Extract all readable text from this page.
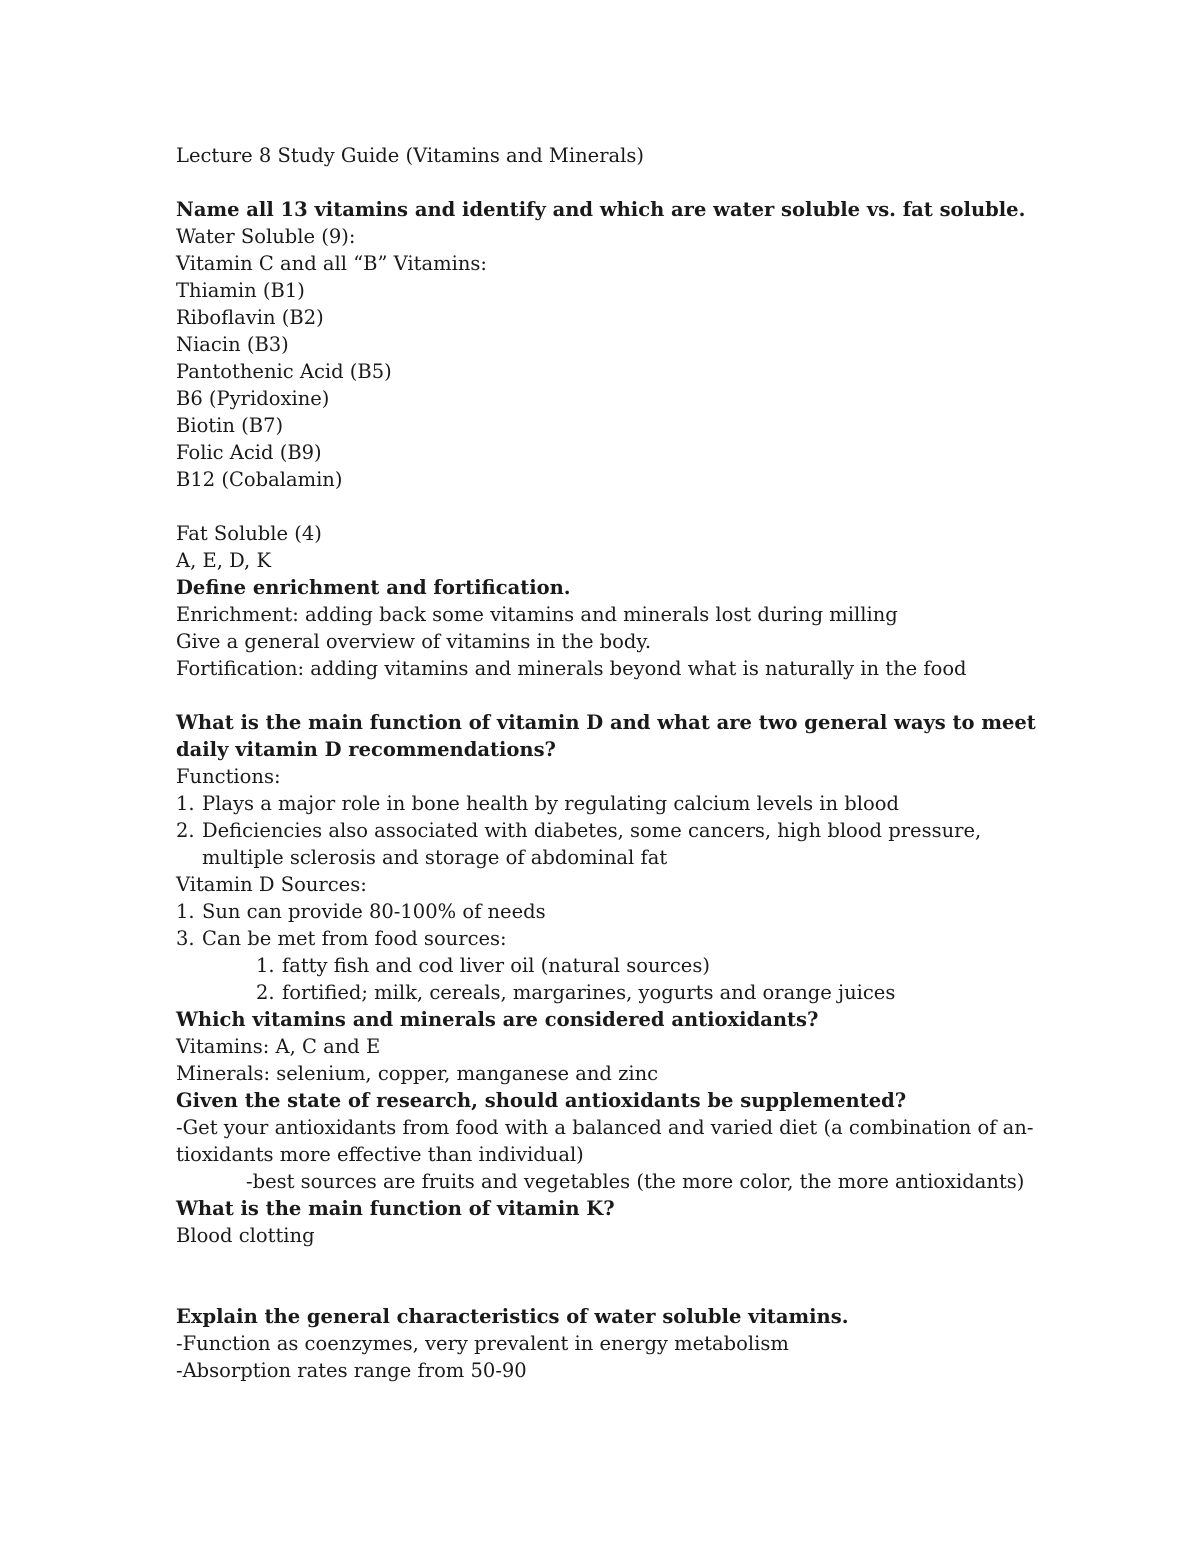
Lecture 8 Study Guide (Vitamins and Minerals)
Name all 13 vitamins and identify and which are water soluble vs. fat soluble.
Water Soluble (9):
Vitamin C and all “B” Vitamins:
Thiamin (B1)
Riboflavin (B2)
Niacin (B3)
Pantothenic Acid (B5)
B6 (Pyridoxine)
Biotin (B7)
Folic Acid (B9)
B12 (Cobalamin)
Fat Soluble (4)
A, E, D, K
Define enrichment and fortification.
Enrichment: adding back some vitamins and minerals lost during milling
Give a general overview of vitamins in the body.
Fortification: adding vitamins and minerals beyond what is naturally in the food
What is the main function of vitamin D and what are two general ways to meet daily vitamin D recommendations?
Functions:
1. Plays a major role in bone health by regulating calcium levels in blood
2. Deficiencies also associated with diabetes, some cancers, high blood pressure, multiple sclerosis and storage of abdominal fat
Vitamin D Sources:
1. Sun can provide 80-100% of needs
3. Can be met from food sources:
1. fatty fish and cod liver oil (natural sources)
2. fortified; milk, cereals, margarines, yogurts and orange juices
Which vitamins and minerals are considered antioxidants?
Vitamins: A, C and E
Minerals: selenium, copper, manganese and zinc
Given the state of research, should antioxidants be supplemented?
-Get your antioxidants from food with a balanced and varied diet (a combination of an-tioxidants more effective than individual)
-best sources are fruits and vegetables (the more color, the more antioxidants)
What is the main function of vitamin K?
Blood clotting
Explain the general characteristics of water soluble vitamins.
-Function as coenzymes, very prevalent in energy metabolism
-Absorption rates range from 50-90
